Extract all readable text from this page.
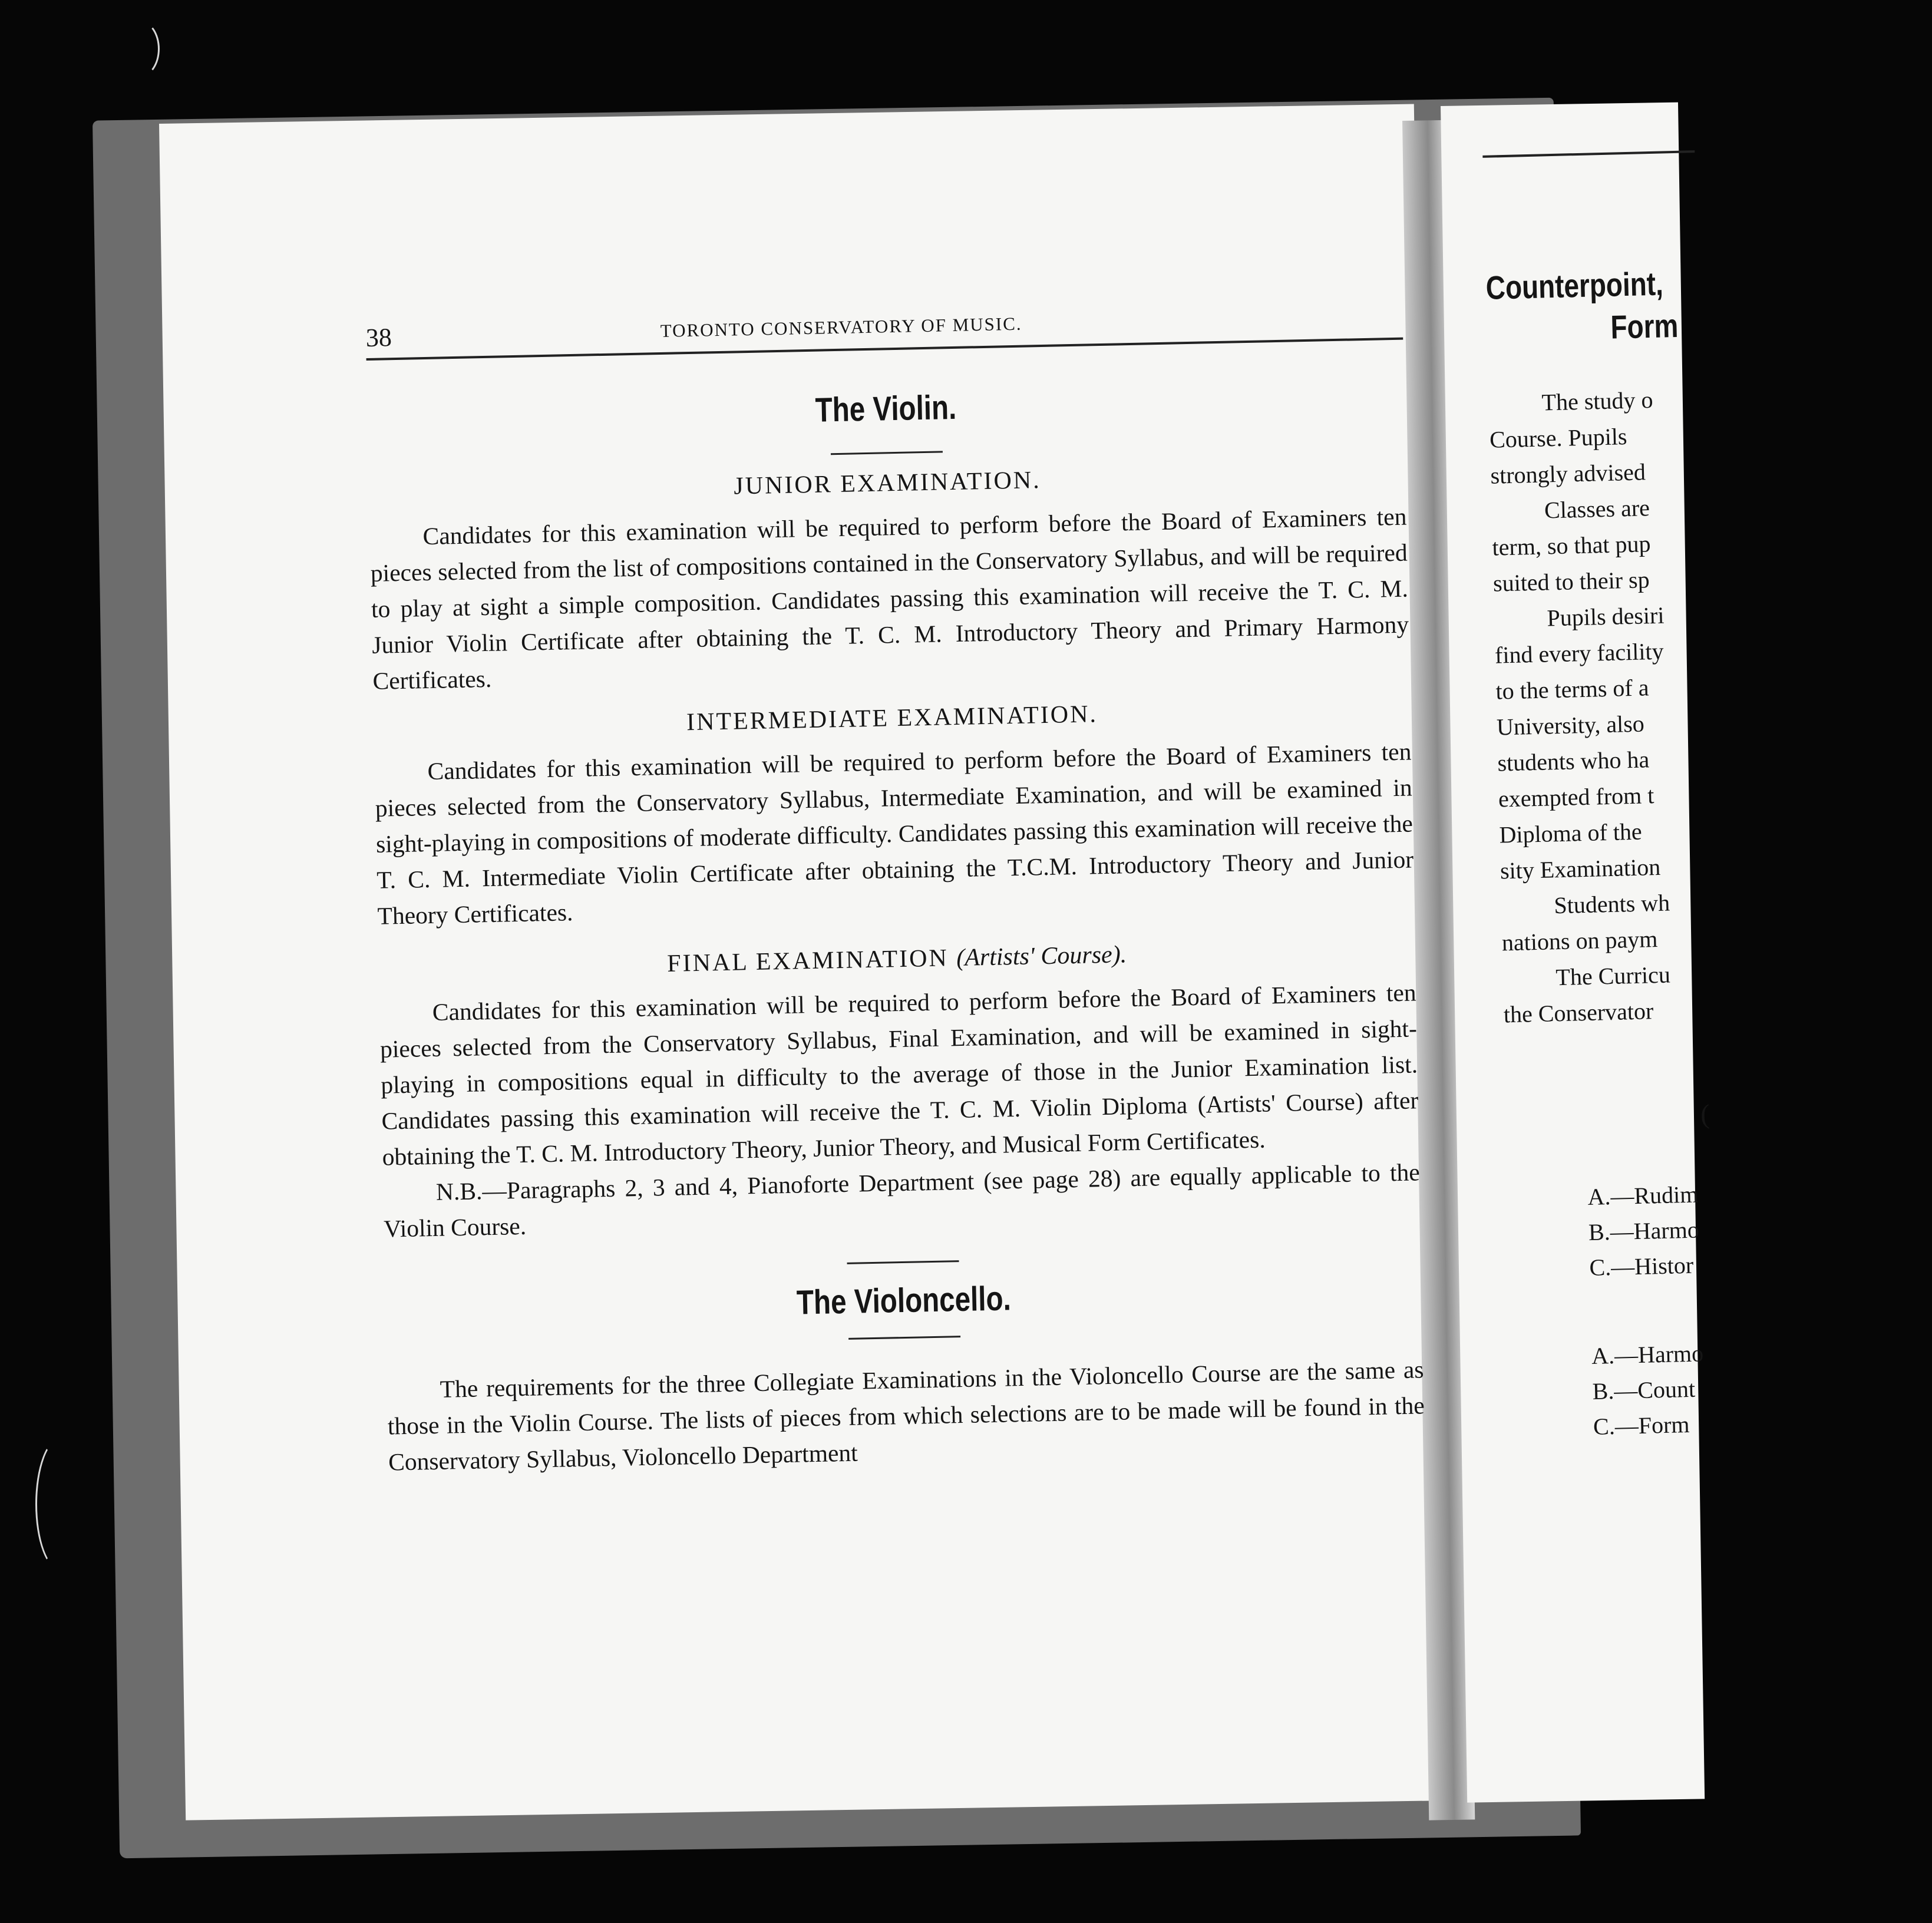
Counterpoint,
Form
The study o
Course. Pupils
strongly advised
Classes are
term, so that pup
suited to their sp
Pupils desiri
find every facility
to the terms of a
University, also
students who ha
exempted from t
Diploma of the
sity Examination
Students wh
nations on paym
The Curricu
the Conservator
(
A.—Rudim
B.—Harmo
C.—Histor
A.—Harmo
B.—Count
C.—Form
38	TORONTO CONSERVATORY OF MUSIC.
The Violin.
JUNIOR EXAMINATION.

Candidates for this examination will be required to perform before the Board of Examiners ten pieces selected from the list of compositions contained in the Conservatory Syllabus, and will be required to play at sight a simple composition. Candidates passing this examination will receive the T. C. M. Junior Violin Certificate after obtaining the T. C. M. Introductory Theory and Primary Harmony Certificates.

INTERMEDIATE EXAMINATION.

Candidates for this examination will be required to perform before the Board of Examiners ten pieces selected from the Conservatory Syllabus, Intermediate Examination, and will be examined in sight-playing in compositions of moderate difficulty. Candidates passing this examination will receive the T. C. M. Intermediate Violin Certificate after obtaining the T.C.M. Introductory Theory and Junior Theory Certificates.

FINAL EXAMINATION (Artists' Course).

Candidates for this examination will be required to perform before the Board of Examiners ten pieces selected from the Conservatory Syllabus, Final Examination, and will be examined in sight-playing in compositions equal in difficulty to the average of those in the Junior Examination list. Candidates passing this examination will receive the T. C. M. Violin Diploma (Artists' Course) after obtaining the T. C. M. Introductory Theory, Junior Theory, and Musical Form Certificates.

N.B.—Paragraphs 2, 3 and 4, Pianoforte Department (see page 28) are equally applicable to the Violin Course.

The Violoncello.

The requirements for the three Collegiate Examinations in the Violoncello Course are the same as those in the Violin Course. The lists of pieces from which selections are to be made will be found in the Conservatory Syllabus, Violoncello Department
